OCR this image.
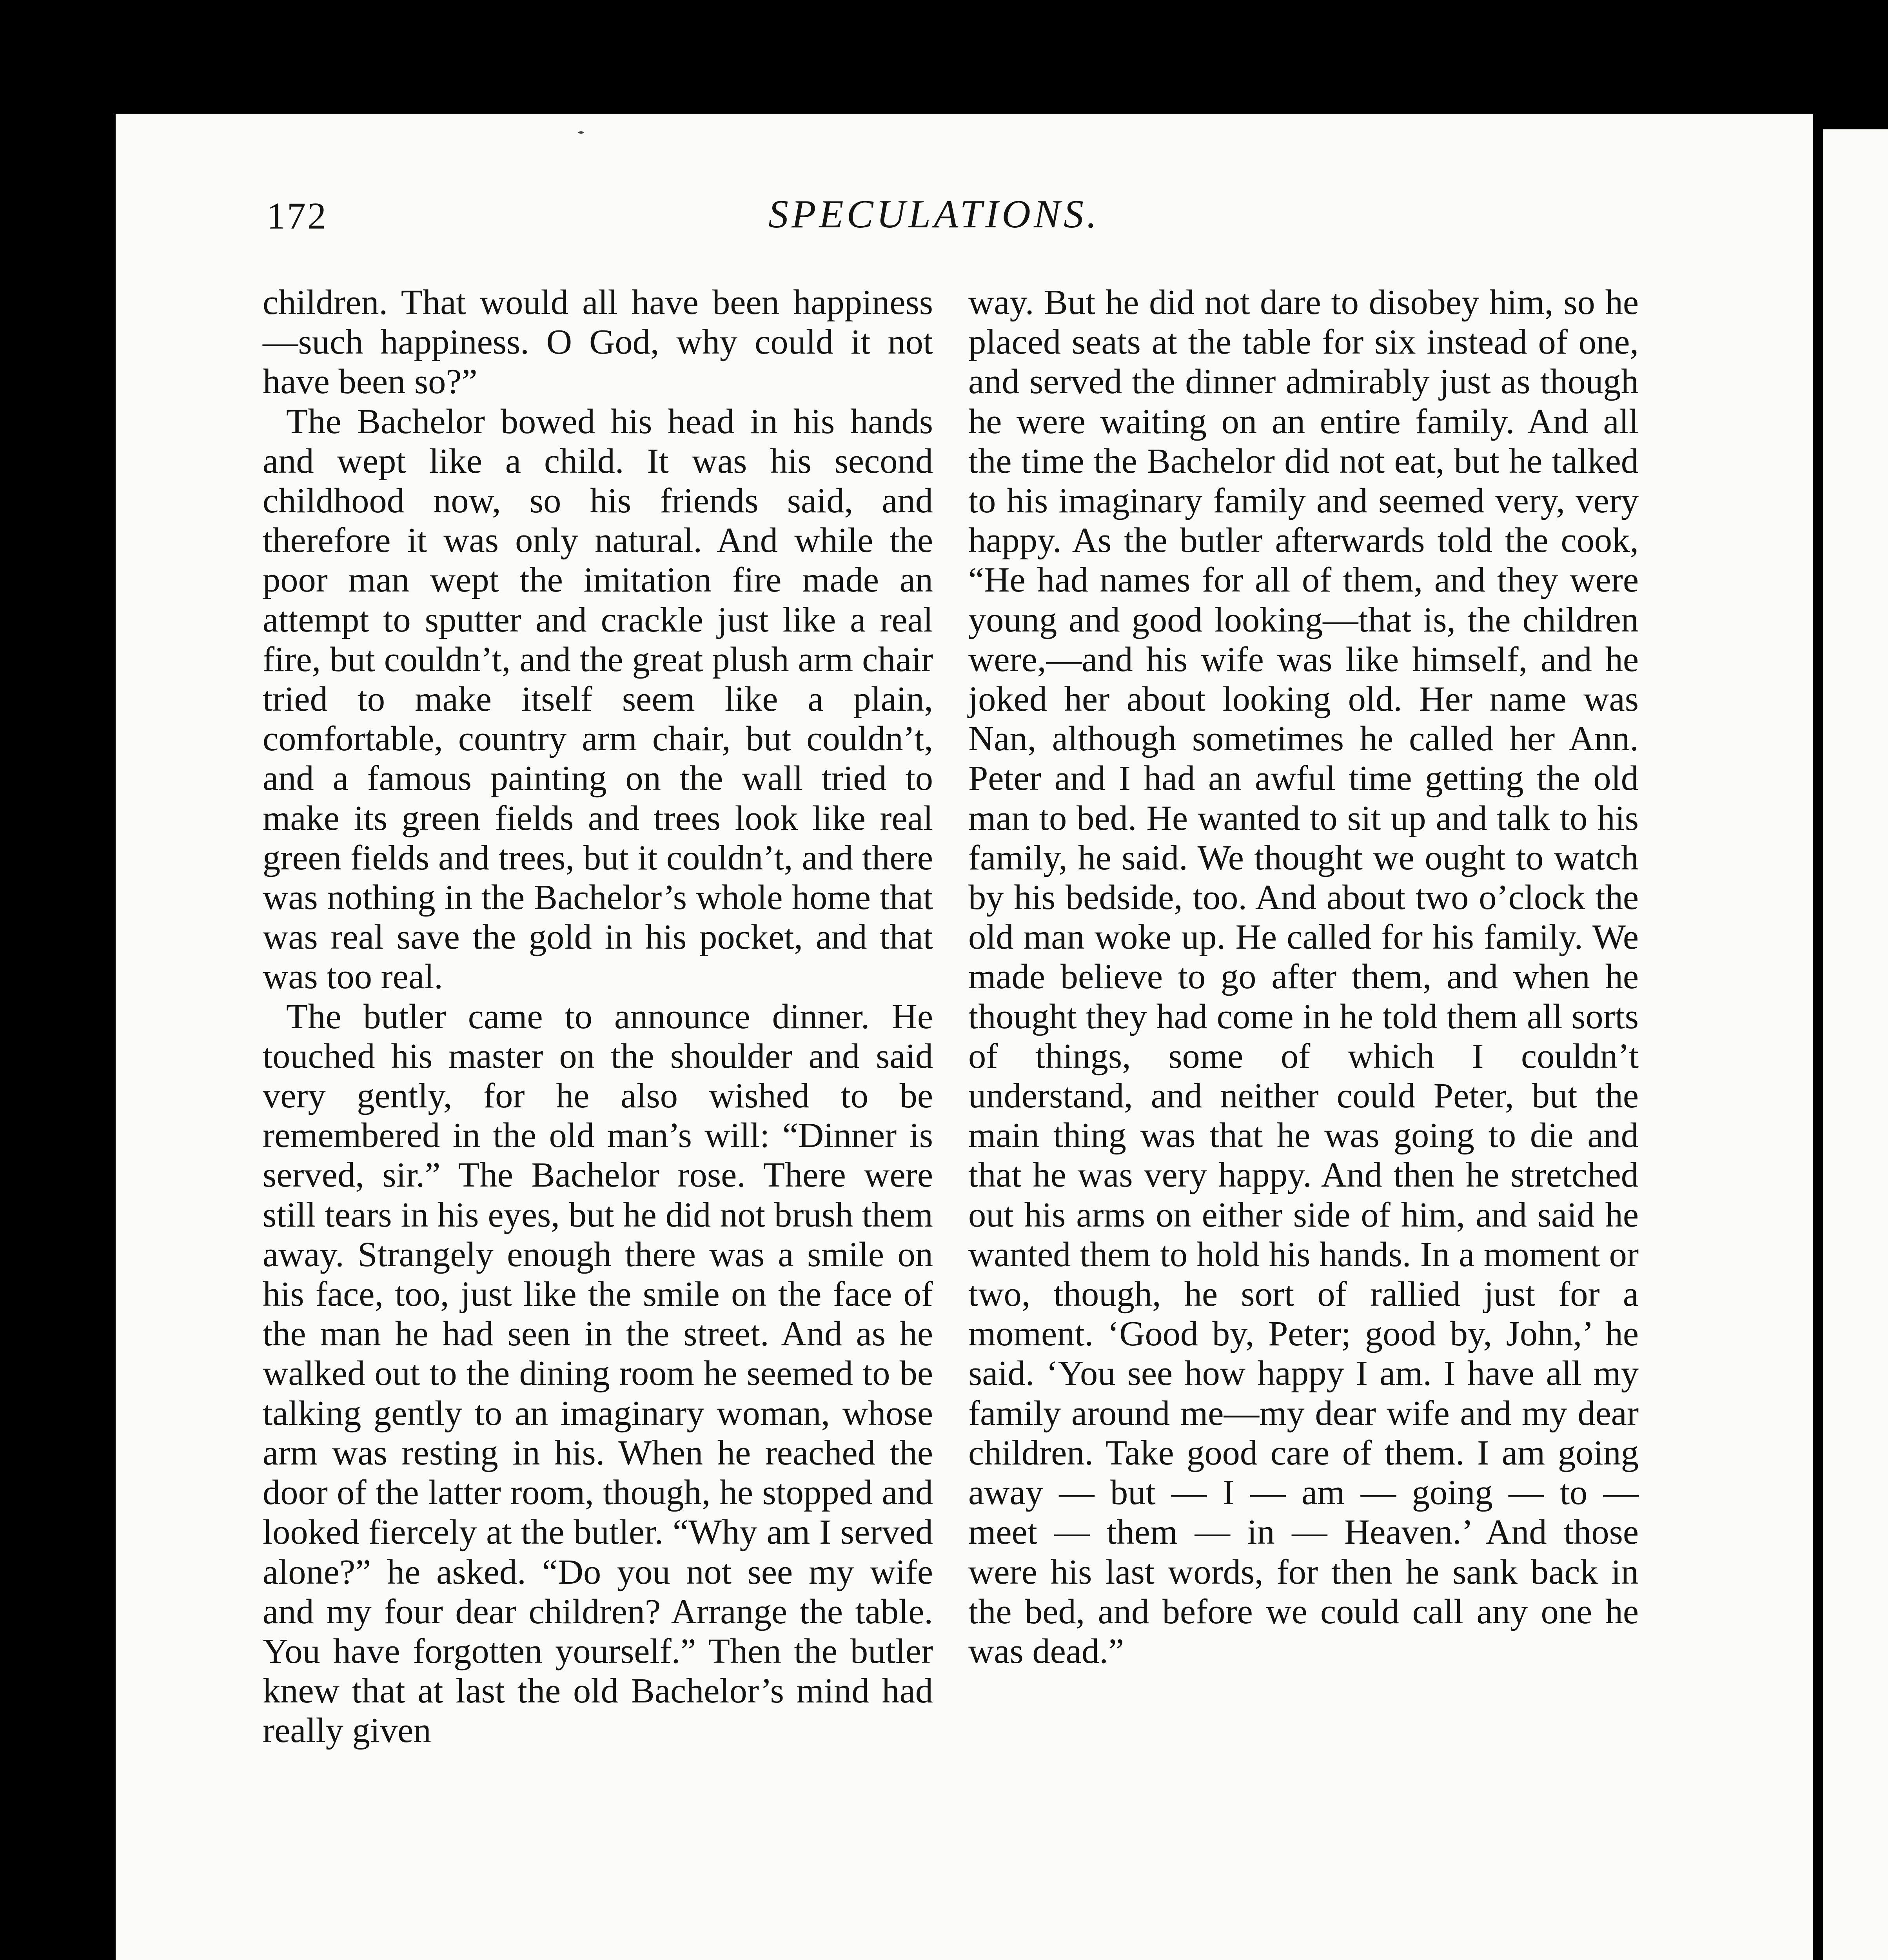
172	SPECULATIONS.

children. That would all have been happiness—such happiness. O God, why could it not have been so?”

The Bachelor bowed his head in his hands and wept like a child. It was his second childhood now, so his friends said, and therefore it was only natural. And while the poor man wept the imitation fire made an attempt to sputter and crackle just like a real fire, but couldn’t, and the great plush arm chair tried to make itself seem like a plain, comfortable, country arm chair, but couldn’t, and a famous painting on the wall tried to make its green fields and trees look like real green fields and trees, but it couldn’t, and there was nothing in the Bachelor’s whole home that was real save the gold in his pocket, and that was too real.

The butler came to announce dinner. He touched his master on the shoulder and said very gently, for he also wished to be remembered in the old man’s will: “Dinner is served, sir.” The Bachelor rose. There were still tears in his eyes, but he did not brush them away. Strangely enough there was a smile on his face, too, just like the smile on the face of the man he had seen in the street. And as he walked out to the dining room he seemed to be talking gently to an imaginary woman, whose arm was resting in his. When he reached the door of the latter room, though, he stopped and looked fiercely at the butler. “Why am I served alone?” he asked. “Do you not see my wife and my four dear children? Arrange the table. You have forgotten yourself.” Then the butler knew that at last the old Bachelor’s mind had really given

way. But he did not dare to disobey him, so he placed seats at the table for six instead of one, and served the dinner admirably just as though he were waiting on an entire family. And all the time the Bachelor did not eat, but he talked to his imaginary family and seemed very, very happy. As the butler afterwards told the cook, “He had names for all of them, and they were young and good looking—that is, the children were,—and his wife was like himself, and he joked her about looking old. Her name was Nan, although sometimes he called her Ann. Peter and I had an awful time getting the old man to bed. He wanted to sit up and talk to his family, he said. We thought we ought to watch by his bedside, too. And about two o’clock the old man woke up. He called for his family. We made believe to go after them, and when he thought they had come in he told them all sorts of things, some of which I couldn’t understand, and neither could Peter, but the main thing was that he was going to die and that he was very happy. And then he stretched out his arms on either side of him, and said he wanted them to hold his hands. In a moment or two, though, he sort of rallied just for a moment. ‘Good by, Peter; good by, John,’ he said. ‘You see how happy I am. I have all my family around me—my dear wife and my dear children. Take good care of them. I am going away — but — I — am — going — to — meet — them — in — Heaven.’ And those were his last words, for then he sank back in the bed, and before we could call any one he was dead.”
